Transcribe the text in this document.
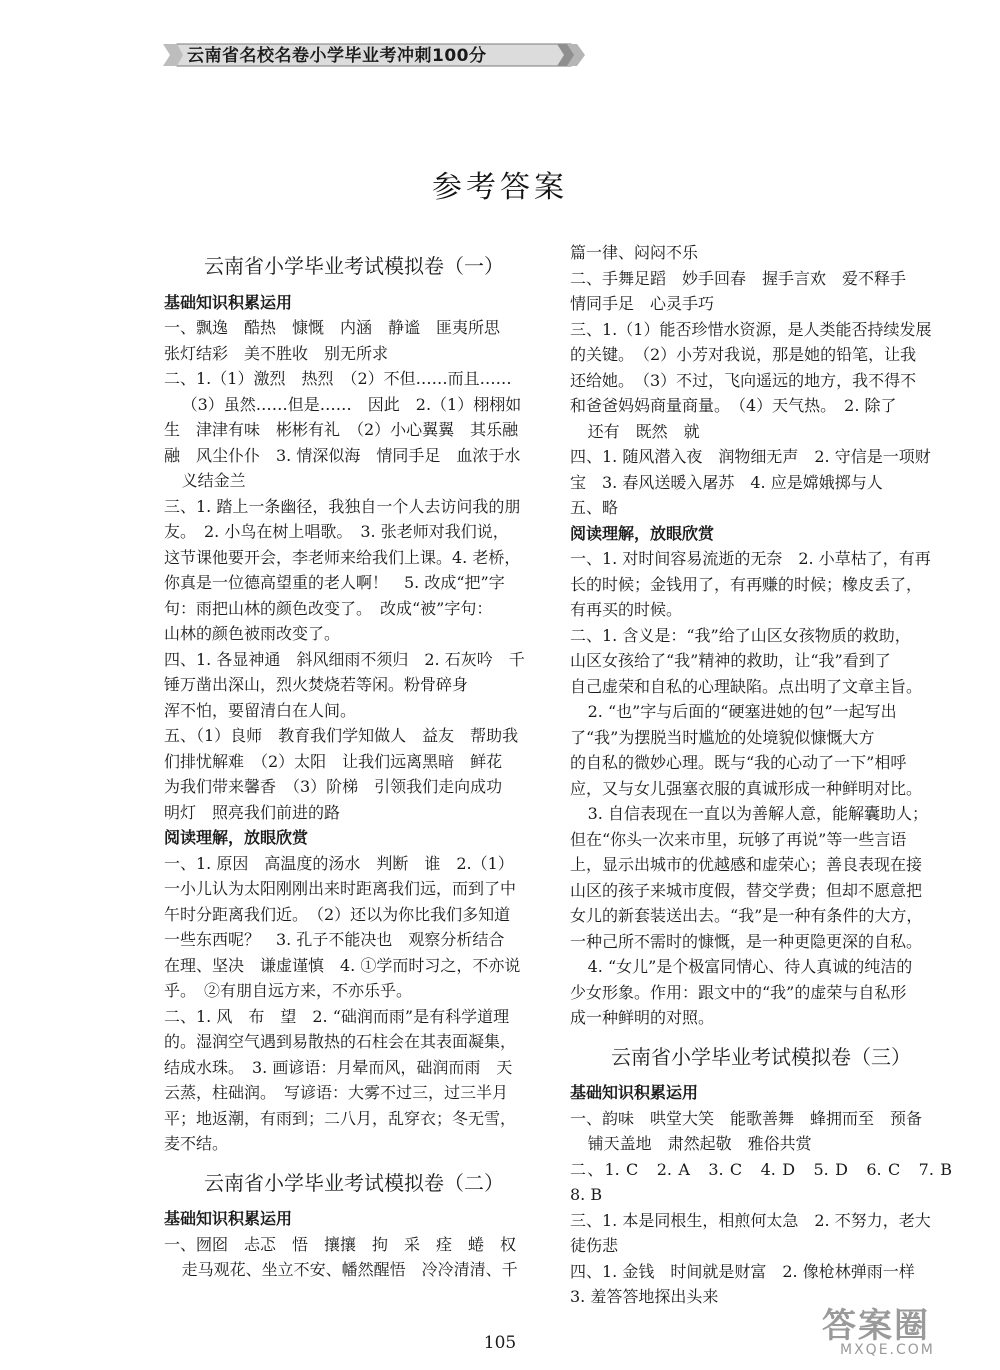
云南省名校名卷小学毕业考冲刺100分
参考答案
云南省小学毕业考试模拟卷（一）

基础知识积累运用

一、飘逸　酷热　慷慨　内涵　静谧　匪夷所思

张灯结彩　美不胜收　别无所求

二、1.（1）激烈　热烈　（2）不但……而且……

（3）虽然……但是……　因此　2.（1）栩栩如

生　津津有味　彬彬有礼　（2）小心翼翼　其乐融

融　风尘仆仆　3. 情深似海　情同手足　血浓于水

义结金兰

三、1. 踏上一条幽径，我独自一个人去访问我的朋

友。　2. 小鸟在树上唱歌。　3. 张老师对我们说，

这节课他要开会，李老师来给我们上课。4. 老桥，

你真是一位德高望重的老人啊！　5. 改成“把”字

句：雨把山林的颜色改变了。　改成“被”字句：

山林的颜色被雨改变了。

四、1. 各显神通　斜风细雨不须归　2. 石灰吟　千

锤万凿出深山，烈火焚烧若等闲。粉骨碎身

浑不怕，要留清白在人间。

五、（1）良师　教育我们学知做人　益友　帮助我

们排忧解难　（2）太阳　让我们远离黑暗　鲜花

为我们带来馨香　（3）阶梯　引领我们走向成功

明灯　照亮我们前进的路

阅读理解，放眼欣赏

一、1. 原因　高温度的汤水　判断　谁　2.（1）

一小儿认为太阳刚刚出来时距离我们远，而到了中

午时分距离我们近。　（2）还以为你比我们多知道

一些东西呢？　3. 孔子不能决也　观察分析结合

在理、坚决　谦虚谨慎　4. ①学而时习之，不亦说

乎。　②有朋自远方来，不亦乐乎。

二、1. 风　布　望　2. “础润而雨”是有科学道理

的。湿润空气遇到易散热的石柱会在其表面凝集，

结成水珠。　3. 画谚语：月晕而风，础润而雨　天

云蒸，柱础润。　写谚语：大雾不过三，过三半月

平；地返潮，有雨到；二八月，乱穿衣；冬无雪，

麦不结。

云南省小学毕业考试模拟卷（二）

基础知识积累运用

一、囫囵　忐忑　悟　攘攘　拘　采　痊　蜷　权

走马观花、坐立不安、幡然醒悟　冷冷清清、千

篇一律、闷闷不乐

二、手舞足蹈　妙手回春　握手言欢　爱不释手

情同手足　心灵手巧

三、1.（1）能否珍惜水资源，是人类能否持续发展

的关键。　（2）小芳对我说，那是她的铅笔，让我

还给她。　（3）不过，飞向遥远的地方，我不得不

和爸爸妈妈商量商量。　（4）天气热。　2. 除了

还有　既然　就

四、1. 随风潜入夜　润物细无声　2. 守信是一项财

宝　3. 春风送暖入屠苏　4. 应是嫦娥掷与人

五、略

阅读理解，放眼欣赏

一、1. 对时间容易流逝的无奈　2. 小草枯了，有再

长的时候；金钱用了，有再赚的时候；橡皮丢了，

有再买的时候。

二、1. 含义是：“我”给了山区女孩物质的救助，

山区女孩给了“我”精神的救助，让“我”看到了

自己虚荣和自私的心理缺陷。点出明了文章主旨。

2. “也”字与后面的“硬塞进她的包”一起写出

了“我”为摆脱当时尴尬的处境貌似慷慨大方

的自私的微妙心理。既与“我的心动了一下”相呼

应，又与女儿强塞衣服的真诚形成一种鲜明对比。

3. 自信表现在一直以为善解人意，能解囊助人；

但在“你头一次来市里，玩够了再说”等一些言语

上，显示出城市的优越感和虚荣心；善良表现在接

山区的孩子来城市度假，替交学费；但却不愿意把

女儿的新套装送出去。“我”是一种有条件的大方，

一种己所不需时的慷慨，是一种更隐更深的自私。

4. “女儿”是个极富同情心、待人真诚的纯洁的

少女形象。作用：跟文中的“我”的虚荣与自私形

成一种鲜明的对照。

云南省小学毕业考试模拟卷（三）

基础知识积累运用

一、韵味　哄堂大笑　能歌善舞　蜂拥而至　预备

铺天盖地　肃然起敬　雅俗共赏

二、1. C　2. A　3. C　4. D　5. D　6. C　7. B　8. B

三、1. 本是同根生，相煎何太急　2. 不努力，老大

徒伤悲

四、1. 金钱　时间就是财富　2. 像枪林弹雨一样

3. 羞答答地探出头来

105	答案圈
MXQE.COM
